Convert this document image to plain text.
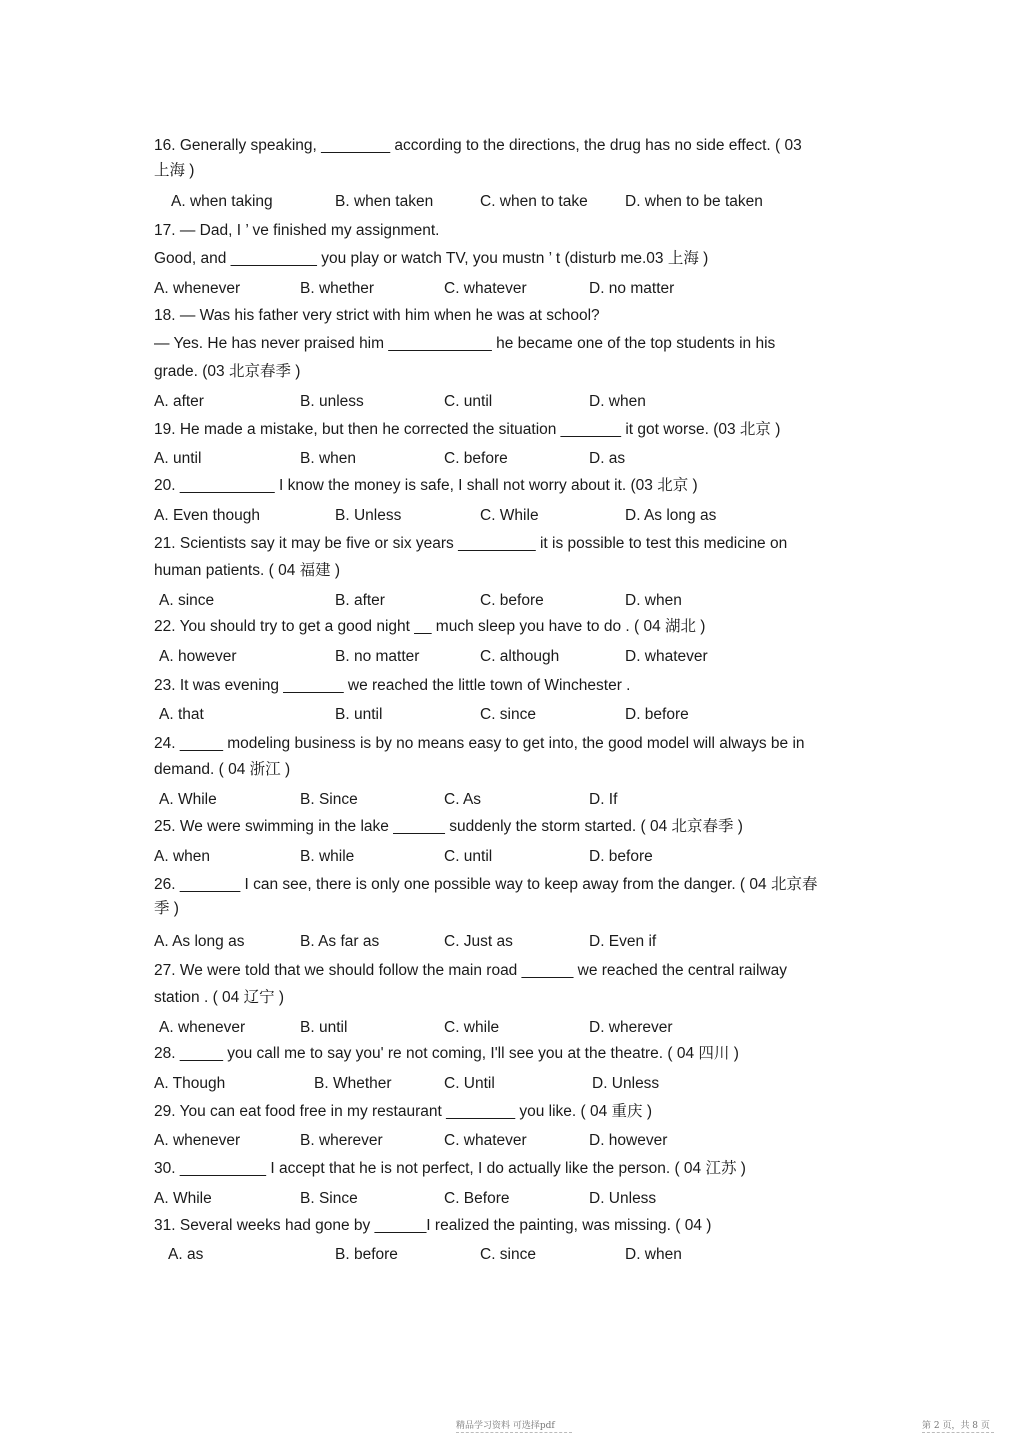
16. Generally speaking, ________ according to the directions, the drug has no side effect. ( 03
上海 )
A. when taking	B. when taken	C. when to take D. when to be taken
17. — Dad, I ’ ve finished my assignment.
Good, and __________ you play or watch TV, you mustn ’ t (disturb me.03 上海 )
A. whenever	B. whether	C. whatever	D. no matter
18. — Was his father very strict with him when he was at school?
— Yes. He has never praised him ____________ he became one of the top students in his
grade. (03 北京春季 )
A. after	B. unless	C. until	D. when
19. He made a mistake, but then he corrected the situation _______ it got worse. (03 北京 )
A. until	B. when	C. before	D. as
20. ___________ I know the money is safe, I shall not worry about it. (03 北京 )
A. Even though	B. Unless	C. While	D. As long as
21. Scientists say it may be five or six years _________ it is possible to test this medicine on
human patients. ( 04 福建 )
A. since	B. after	C. before	D. when
22. You should try to get a good night __ much sleep you have to do . ( 04 湖北 )
A. however	B. no matter	C. although	D. whatever
23. It was evening _______ we reached the little town of Winchester .
A. that	B. until	C. since	D. before
24. _____ modeling business is by no means easy to get into, the good model will always be in
demand. ( 04 浙江 )
A. While	B. Since	C. As	D. If
25. We were swimming in the lake ______ suddenly the storm started. ( 04 北京春季 )
A. when	B. while	C. until	D. before
26. _______ I can see, there is only one possible way to keep away from the danger. ( 04 北京春
季 )
A. As long as	B. As far as	C. Just as	D. Even if
27. We were told that we should follow the main road ______ we reached the central railway
station . ( 04 辽宁 )
A. whenever	B. until	C. while	D. wherever
28. _____ you call me to say you' re not coming, I'll see you at the theatre. ( 04 四川 )
A. Though	B. Whether	C. Until	D. Unless
29. You can eat food free in my restaurant ________ you like. ( 04 重庆 )
A. whenever	B. wherever	C. whatever	D. however
30. __________ I accept that he is not perfect, I do actually like the person. ( 04 江苏 )
A. While	B. Since	C. Before	D. Unless
31. Several weeks had gone by ______I realized the painting, was missing. ( 04 )
A. as	B. before	C. since	D. when
精品学习资料 可选择pdf	第 2 页，共 8 页
